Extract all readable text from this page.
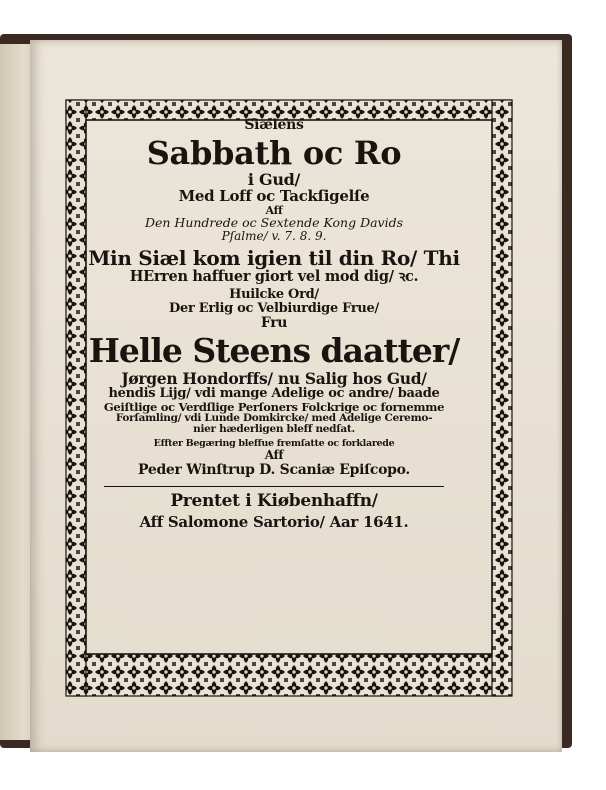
Siælens
Sabbath oc Ro
i Gud/
Med Loff oc Tackſigelſe
Aff
Den Hundrede oc Sextende Kong Davids
Pſalme/ v. 7. 8. 9.
Min Siæl kom igien til din Ro/ Thi
HErren haffuer giort vel mod dig/ ꝛc.
Huilcke Ord/
Der Erlig oc Velbiurdige Frue/
Fru
Helle Steens daatter/
Jørgen Hondorffs/ nu Salig hos Gud/
hendis Lijg/ vdi mange Adelige oc andre/ baade
Geiſtlige oc Verdſlige Perſoners Folckrige oc fornemme
Forſamling/ vdi Lunde Domkircke/ med Adelige Ceremo-
nier hæderligen bleff nedſat.
Effter Begæring bleffue fremſatte oc forklarede
Aff
Peder Winſtrup D. Scaniæ Epiſcopo.
Prentet i Kiøbenhaffn/
Aff Salomone Sartorio/ Aar 1641.
